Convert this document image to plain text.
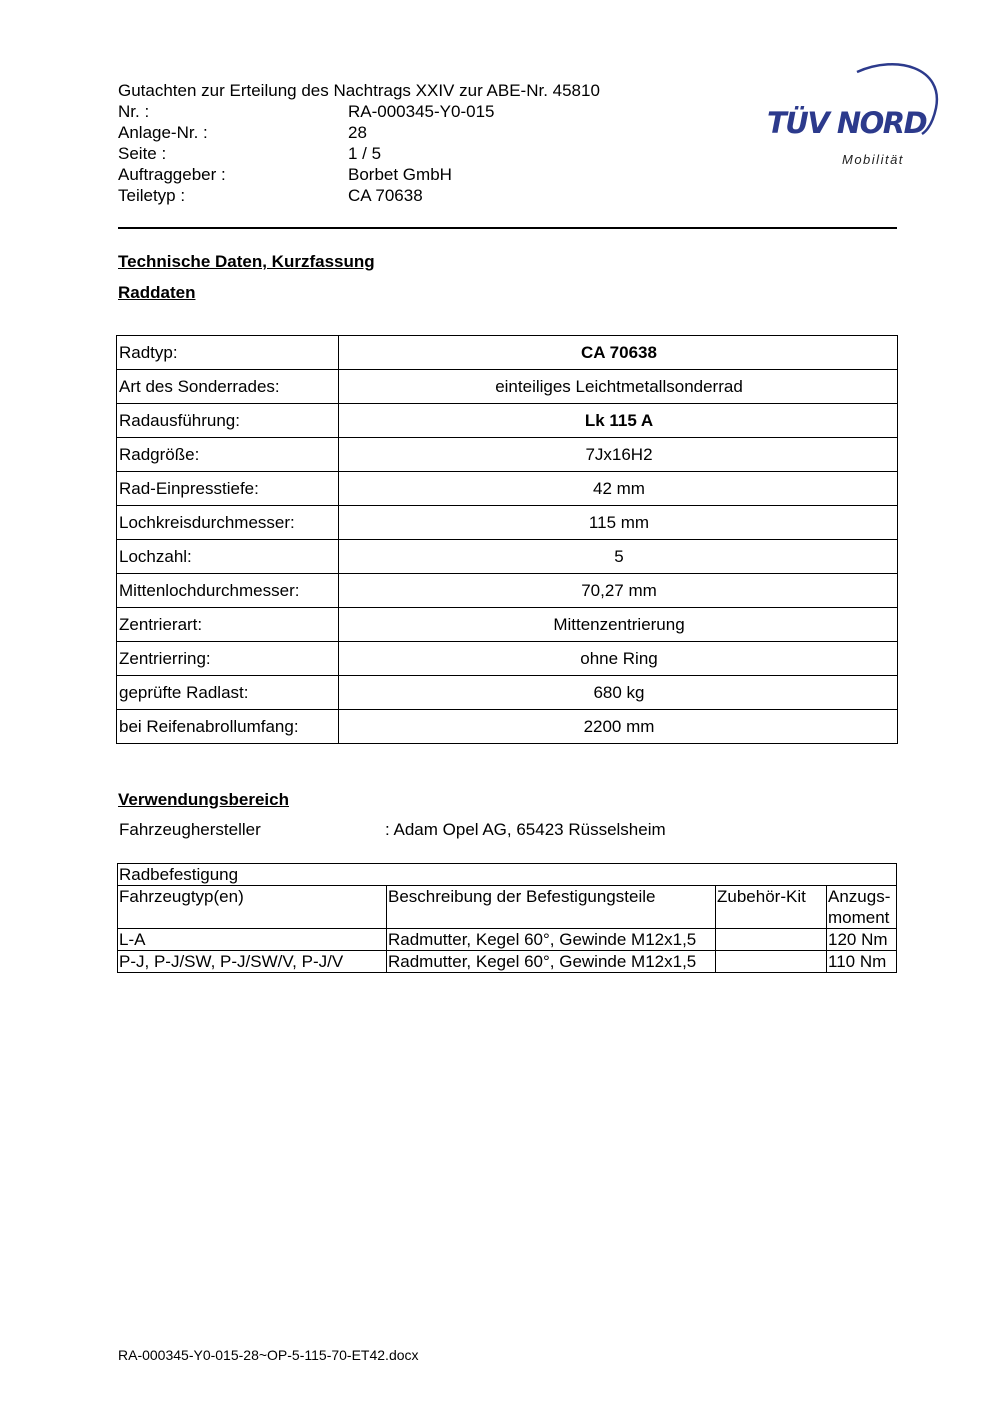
Gutachten zur Erteilung des Nachtrags XXIV zur ABE-Nr. 45810
Nr. :	RA-000345-Y0-015
Anlage-Nr. :	28
Seite :	1 / 5
Auftraggeber :	Borbet GmbH
Teiletyp :	CA 70638
TÜV NORD
Mobilität
Technische Daten, Kurzfassung
Raddaten
Radtyp:	CA 70638
Art des Sonderrades:	einteiliges Leichtmetallsonderrad
Radausführung:	Lk 115 A
Radgröße:	7Jx16H2
Rad-Einpresstiefe:	42 mm
Lochkreisdurchmesser:	115 mm
Lochzahl:	5
Mittenlochdurchmesser:	70,27 mm
Zentrierart:	Mittenzentrierung
Zentrierring:	ohne Ring
geprüfte Radlast:	680 kg
bei Reifenabrollumfang:	2200 mm
Verwendungsbereich
Fahrzeughersteller	: Adam Opel AG, 65423 Rüsselsheim
Radbefestigung			
Fahrzeugtyp(en)	Beschreibung der Befestigungsteile	Zubehör-Kit	Anzugs-
moment
L-A	Radmutter, Kegel 60°, Gewinde M12x1,5		120 Nm
P-J, P-J/SW, P-J/SW/V, P-J/V	Radmutter, Kegel 60°, Gewinde M12x1,5		110 Nm
RA-000345-Y0-015-28~OP-5-115-70-ET42.docx
